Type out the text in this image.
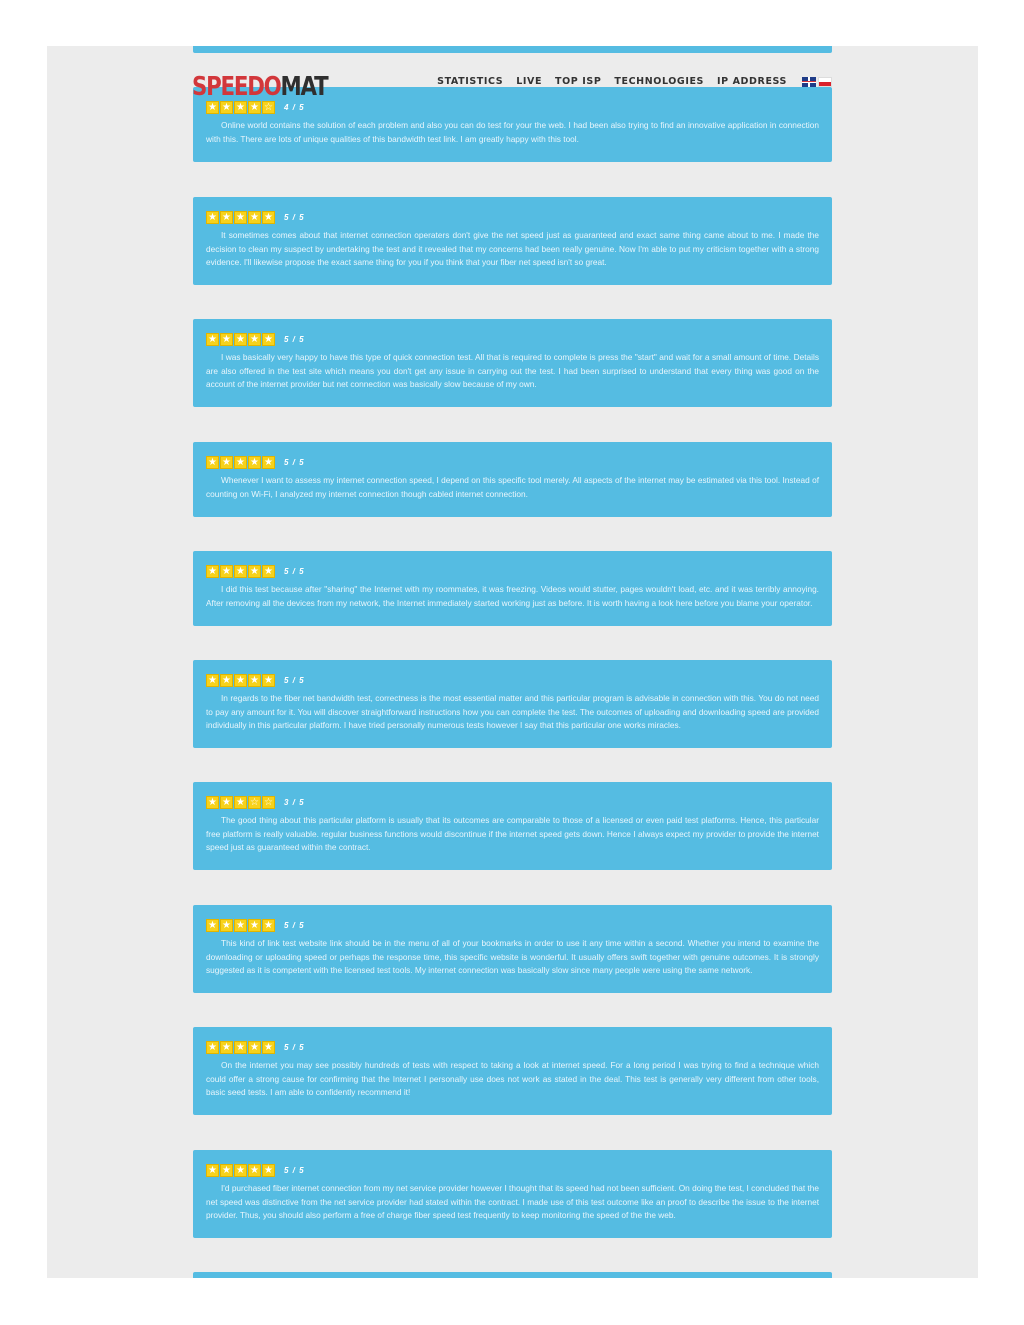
SPEEDOMAT	STATISTICS LIVE TOP ISP TECHNOLOGIES IP ADDRESS
★ ★ ★ ★ ☆ 4 / 5
Online world contains the solution of each problem and also you can do test for your the web. I had been also trying to find an innovative application in connection with this. There are lots of unique qualities of this bandwidth test link. I am greatly happy with this tool.
★ ★ ★ ★ ★ 5 / 5
It sometimes comes about that internet connection operaters don't give the net speed just as guaranteed and exact same thing came about to me. I made the decision to clean my suspect by undertaking the test and it revealed that my concerns had been really genuine. Now I'm able to put my criticism together with a strong evidence. I'll likewise propose the exact same thing for you if you think that your fiber net speed isn't so great.
★ ★ ★ ★ ★ 5 / 5
I was basically very happy to have this type of quick connection test. All that is required to complete is press the "start" and wait for a small amount of time. Details are also offered in the test site which means you don't get any issue in carrying out the test. I had been surprised to understand that every thing was good on the account of the internet provider but net connection was basically slow because of my own.
★ ★ ★ ★ ★ 5 / 5
Whenever I want to assess my internet connection speed, I depend on this specific tool merely. All aspects of the internet may be estimated via this tool. Instead of counting on Wi-Fi, I analyzed my internet connection though cabled internet connection.
★ ★ ★ ★ ★ 5 / 5
I did this test because after "sharing" the Internet with my roommates, it was freezing. Videos would stutter, pages wouldn't load, etc. and it was terribly annoying. After removing all the devices from my network, the Internet immediately started working just as before. It is worth having a look here before you blame your operator.
★ ★ ★ ★ ★ 5 / 5
In regards to the fiber net bandwidth test, correctness is the most essential matter and this particular program is advisable in connection with this. You do not need to pay any amount for it. You will discover straightforward instructions how you can complete the test. The outcomes of uploading and downloading speed are provided individually in this particular platform. I have tried personally numerous tests however I say that this particular one works miracles.
★ ★ ★ ☆ ☆ 3 / 5
The good thing about this particular platform is usually that its outcomes are comparable to those of a licensed or even paid test platforms. Hence, this particular free platform is really valuable. regular business functions would discontinue if the internet speed gets down. Hence I always expect my provider to provide the internet speed just as guaranteed within the contract.
★ ★ ★ ★ ★ 5 / 5
This kind of link test website link should be in the menu of all of your bookmarks in order to use it any time within a second. Whether you intend to examine the downloading or uploading speed or perhaps the response time, this specific website is wonderful. It usually offers swift together with genuine outcomes. It is strongly suggested as it is competent with the licensed test tools. My internet connection was basically slow since many people were using the same network.
★ ★ ★ ★ ★ 5 / 5
On the internet you may see possibly hundreds of tests with respect to taking a look at internet speed. For a long period I was trying to find a technique which could offer a strong cause for confirming that the Internet I personally use does not work as stated in the deal. This test is generally very different from other tools, basic seed tests. I am able to confidently recommend it!
★ ★ ★ ★ ★ 5 / 5
I'd purchased fiber internet connection from my net service provider however I thought that its speed had not been sufficient. On doing the test, I concluded that the net speed was distinctive from the net service provider had stated within the contract. I made use of this test outcome like an proof to describe the issue to the internet provider. Thus, you should also perform a free of charge fiber speed test frequently to keep monitoring the speed of the the web.
